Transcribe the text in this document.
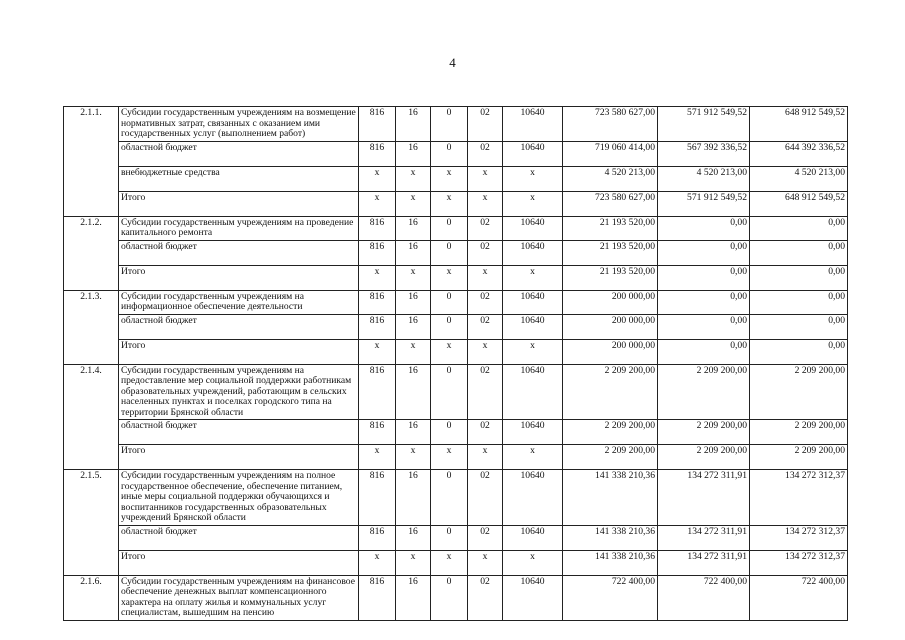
4
2.1.1.	Субсидии государственным учреждениям на возмещение нормативных затрат, связанных с оказанием ими государственных услуг (выполнением работ)	816	16	0	02	10640	723 580 627,00	571 912 549,52	648 912 549,52
	областной бюджет	816	16	0	02	10640	719 060 414,00	567 392 336,52	644 392 336,52
	внебюджетные средства	x	x	x	x	x	4 520 213,00	4 520 213,00	4 520 213,00
	Итого	x	x	x	x	x	723 580 627,00	571 912 549,52	648 912 549,52
2.1.2.	Субсидии государственным учреждениям на проведение капитального ремонта	816	16	0	02	10640	21 193 520,00	0,00	0,00
	областной бюджет	816	16	0	02	10640	21 193 520,00	0,00	0,00
	Итого	x	x	x	x	x	21 193 520,00	0,00	0,00
2.1.3.	Субсидии государственным учреждениям на информационное обеспечение деятельности	816	16	0	02	10640	200 000,00	0,00	0,00
	областной бюджет	816	16	0	02	10640	200 000,00	0,00	0,00
	Итого	x	x	x	x	x	200 000,00	0,00	0,00
2.1.4.	Субсидии государственным учреждениям на предоставление мер социальной поддержки работникам образовательных учреждений, работающим в сельских населенных пунктах и поселках городского типа на территории Брянской области	816	16	0	02	10640	2 209 200,00	2 209 200,00	2 209 200,00
	областной бюджет	816	16	0	02	10640	2 209 200,00	2 209 200,00	2 209 200,00
	Итого	x	x	x	x	x	2 209 200,00	2 209 200,00	2 209 200,00
2.1.5.	Субсидии государственным учреждениям на полное государственное обеспечение, обеспечение питанием, иные меры социальной поддержки обучающихся и воспитанников государственных образовательных учреждений Брянской области	816	16	0	02	10640	141 338 210,36	134 272 311,91	134 272 312,37
	областной бюджет	816	16	0	02	10640	141 338 210,36	134 272 311,91	134 272 312,37
	Итого	x	x	x	x	x	141 338 210,36	134 272 311,91	134 272 312,37
2.1.6.	Субсидии государственным учреждениям на финансовое обеспечение денежных выплат компенсационного характера на оплату жилья и коммунальных услуг специалистам, вышедшим на пенсию	816	16	0	02	10640	722 400,00	722 400,00	722 400,00
